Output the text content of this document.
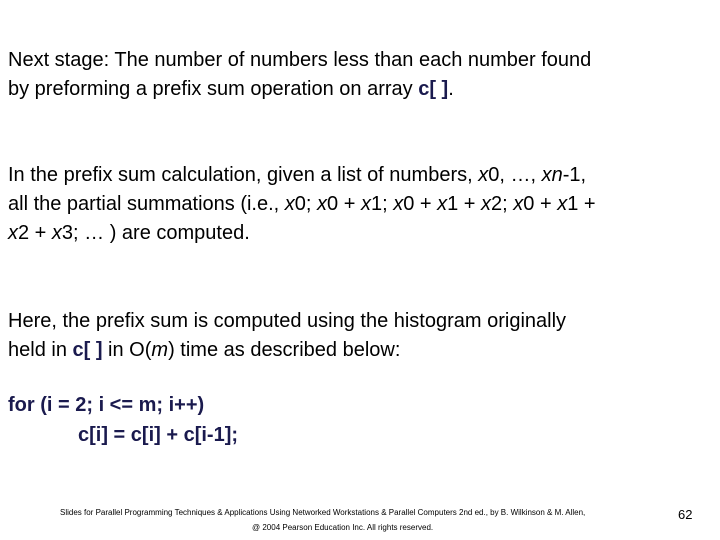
Next stage: The number of numbers less than each number found
by preforming a prefix sum operation on array c[ ].

In the prefix sum calculation, given a list of numbers, x0, …, xn-1,
all the partial summations (i.e., x0; x0 + x1; x0 + x1 + x2; x0 + x1 +
x2 + x3; … ) are computed.

Here, the prefix sum is computed using the histogram originally
held in c[ ] in O(m) time as described below:

for (i = 2; i <= m; i++)
c[i] = c[i] + c[i-1];
Slides for Parallel Programming Techniques & Applications Using Networked Workstations & Parallel Computers 2nd ed., by B. Wilkinson & M. Allen,
@ 2004 Pearson Education Inc. All rights reserved.
62
